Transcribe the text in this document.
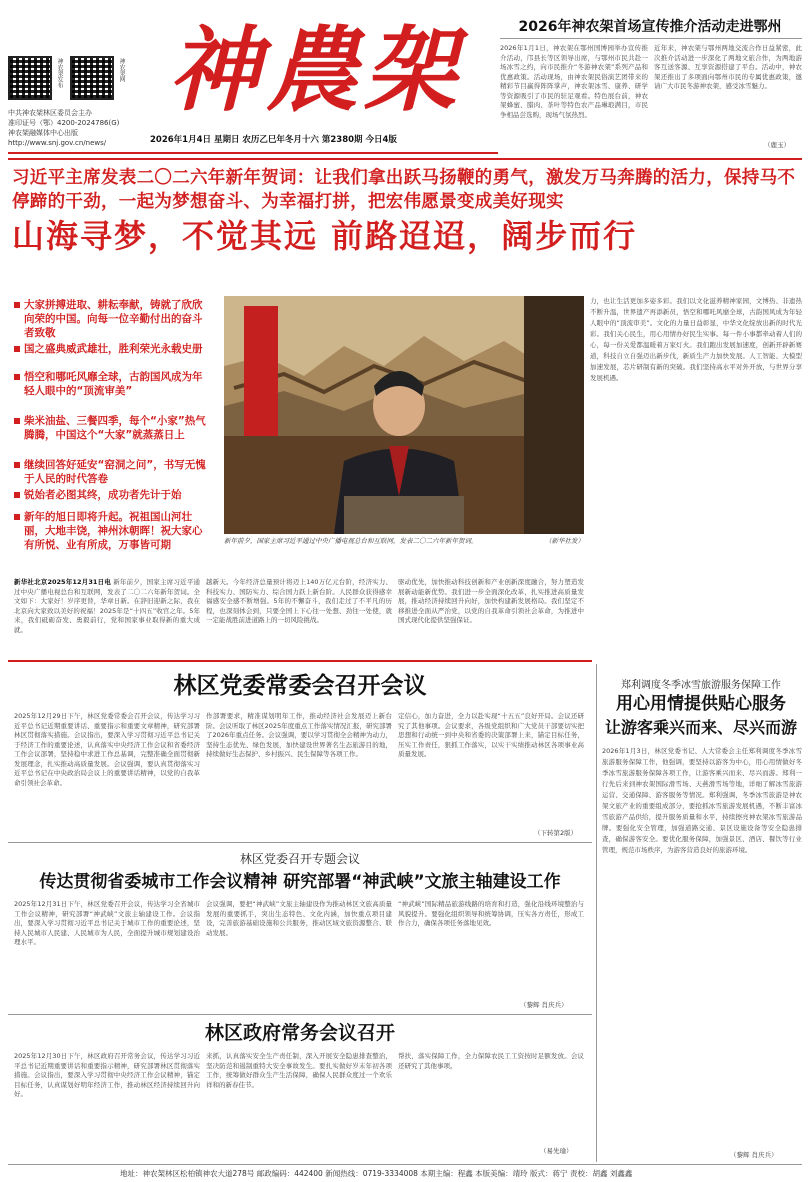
神农架发布	神农架网
中共神农架林区委员会主办
准印证号（鄂）4200-2024786(G)
神农架融媒体中心出版
http://www.snj.gov.cn/news/
神農架
2026年1月4日 星期日 农历乙巳年冬月十六 第2380期 今日4版
2026年神农架首场宣传推介活动走进鄂州
2026年1月1日，神农架在鄂州国博园举办宣传推介活动，邝县长等区领导出席，与鄂州市民共赴一场冰雪之约，向市民推介“冬游神农架”系列产品和优惠政策。活动现场，由神农架民俗演艺团带来的精彩节目赢得阵阵掌声，神农架冰雪、康养、研学等资源吸引了市民的驻足观看。特色展台前，神农架蜂蜜、腊肉、茶叶等特色农产品琳琅满目，市民争相品尝选购，现场气氛热烈。
近年来，神农架与鄂州两地交流合作日益紧密，此次推介活动进一步深化了两地文旅合作，为两地游客互送客源、互享资源搭建了平台。活动中，神农架还推出了多项面向鄂州市民的专属优惠政策，邀请广大市民冬游神农架，感受冰雪魅力。
（鹿玉）
习近平主席发表二〇二六年新年贺词：让我们拿出跃马扬鞭的勇气，激发万马奔腾的活力，保持马不停蹄的干劲，一起为梦想奋斗、为幸福打拼，把宏伟愿景变成美好现实
山海寻梦，不觉其远 前路迢迢，阔步而行
大家拼搏进取、耕耘奉献，铸就了欣欣向荣的中国。向每一位辛勤付出的奋斗者致敬
国之盛典威武雄壮，胜利荣光永载史册
悟空和哪吒风靡全球，古韵国风成为年轻人眼中的“顶流审美”
柴米油盐、三餐四季，每个“小家”热气腾腾，中国这个“大家”就蒸蒸日上
继续回答好延安“窑洞之问”，书写无愧于人民的时代答卷
锐始者必图其终，成功者先计于始
新年的旭日即将升起。祝祖国山河壮丽，大地丰饶，神州沐朝晖！祝大家心有所悦、业有所成，万事皆可期	新年前夕，国家主席习近平通过中央广播电视总台和互联网，发表二〇二六年新年贺词。	（新华社发）
力，也让生活更加多姿多彩。我们以文化滋养精神家园，文博热、非遗热不断升温，世界遗产再添新员，悟空和哪吒风靡全球，古韵国风成为年轻人眼中的“顶流审美”。文化的力量日益彰显，中华文化绽放出新的时代光彩。我们关心民生，用心用情办好民生实事。每一件小事都牵动着人们的心，每一份关爱都温暖着万家灯火。我们跑出发展加速度，创新开辟新赛道，科技自立自强迈出新步伐，新质生产力加快发展。人工智能、大模型加速发展，芯片研制有新的突破。我们坚持高水平对外开放，与世界分享发展机遇。
新华社北京2025年12月31日电 新年前夕，国家主席习近平通过中央广播电视总台和互联网，发表了二〇二六年新年贺词。全文如下：大家好！岁序更替，华章日新。在辞旧迎新之际，我在北京向大家致以美好的祝福！2025年是“十四五”收官之年。5年来，我们砥砺奋发、勇毅前行，党和国家事业取得新的重大成就。
越新天。今年经济总量预计将迈上140万亿元台阶，经济实力、科技实力、国防实力、综合国力跃上新台阶。人民群众获得感幸福感安全感不断增强。5年的不懈奋斗，我们走过了不平凡的历程，也深刻体会到，只要全国上下心往一处想、劲往一处使，就一定能战胜前进道路上的一切风险挑战。
驱动优先，加快推动科技创新和产业创新深度融合，努力塑造发展新动能新优势。我们进一步全面深化改革，扎实推进高质量发展，推动经济持续回升向好，加快构建新发展格局。我们坚定不移推进全面从严治党，以党的自我革命引领社会革命，为推进中国式现代化提供坚强保证。
林区党委常委会召开会议
2025年12月29日下午，林区党委常委会召开会议，传达学习习近平总书记近期重要讲话、重要指示和重要文章精神，研究部署林区贯彻落实措施。会议指出，要深入学习贯彻习近平总书记关于经济工作的重要论述，认真落实中央经济工作会议和省委经济工作会议部署，坚持稳中求进工作总基调，完整准确全面贯彻新发展理念，扎实推动高质量发展。会议强调，要认真贯彻落实习近平总书记在中央政治局会议上的重要讲话精神，以党的自我革命引领社会革命。
作部署要求，精准谋划明年工作，推动经济社会发展迈上新台阶。会议听取了林区2025年度重点工作落实情况汇报，研究部署了2026年重点任务。会议强调，要以学习贯彻全会精神为动力，坚持生态优先、绿色发展，加快建设世界著名生态旅游目的地，持续做好生态保护、乡村振兴、民生保障等各项工作。
定信心，加力奋进，全力以赴实现“十五五”良好开局。会议还研究了其他事项。会议要求，各级党组织和广大党员干部要切实把思想和行动统一到中央和省委的决策部署上来，锚定目标任务，压实工作责任，狠抓工作落实，以实干实绩推动林区各项事业高质量发展。
（下转第2版）
林区党委召开专题会议
传达贯彻省委城市工作会议精神 研究部署“神武峡”文旅主轴建设工作
2025年12月31日下午，林区党委召开会议，传达学习全省城市工作会议精神，研究部署“神武峡”文旅主轴建设工作。会议指出，要深入学习贯彻习近平总书记关于城市工作的重要论述，坚持人民城市人民建、人民城市为人民，全面提升城市规划建设治理水平。
会议强调，要把“神武峡”文旅主轴建设作为推动林区文旅高质量发展的重要抓手，突出生态特色、文化内涵，加快重点项目建设，完善旅游基础设施和公共服务，推动区域文旅资源整合、联动发展。
“神武峡”国际精品旅游线路的培育和打造，强化沿线环境整治与风貌提升。要强化组织领导和统筹协调，压实各方责任，形成工作合力，确保各项任务落地见效。
（黎辉 肖庆兵）
林区政府常务会议召开
2025年12月30日下午，林区政府召开常务会议，传达学习习近平总书记近期重要讲话和重要指示精神，研究部署林区贯彻落实措施。会议指出，要深入学习贯彻中央经济工作会议精神，锚定目标任务，认真谋划好明年经济工作，推动林区经济持续回升向好。
来抓，认真落实安全生产责任制，深入开展安全隐患排查整治，坚决防范和遏制重特大安全事故发生。要扎实做好岁末年初各项工作，统筹做好群众生产生活保障，确保人民群众度过一个欢乐祥和的新春佳节。
帮扶，落实保障工作，全力保障农民工工资按时足额发放。会议还研究了其他事项。
（易先瑜）
郑利调度冬季冰雪旅游服务保障工作
用心用情提供贴心服务
让游客乘兴而来、尽兴而游
2026年1月3日，林区党委书记、人大常委会主任郑利调度冬季冰雪旅游服务保障工作，他强调，要坚持以游客为中心，用心用情做好冬季冰雪旅游服务保障各项工作，让游客乘兴而来、尽兴而游。郑利一行先后来到神农架国际滑雪场、天燕滑雪场等地，详细了解冰雪旅游运营、交通保障、游客服务等情况。郑利强调，冬季冰雪旅游是神农架文旅产业的重要组成部分，要抢抓冰雪旅游发展机遇，不断丰富冰雪旅游产品供给，提升服务质量和水平，持续擦亮神农架冰雪旅游品牌。要强化安全管理，加强道路交通、景区设施设备等安全隐患排查，确保游客安全。要优化服务保障，加强景区、酒店、餐饮等行业管理，规范市场秩序，为游客营造良好的旅游环境。
（黎辉 肖庆兵）
地址：神农架林区松柏镇神农大道278号 邮政编码：442400 新闻热线：0719-3334008 本期主编：程鑫 本版美编：靖玲 版式：蒋宁 责校：胡鑫 刘鑫鑫
